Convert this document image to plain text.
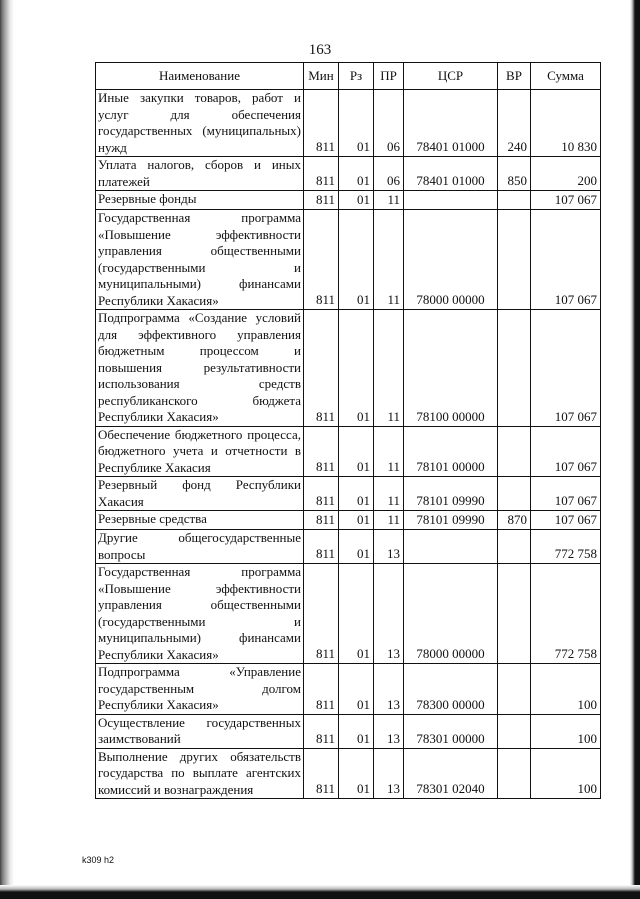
163
Наименование	Мин	Рз	ПР	ЦСР	ВР	Сумма
Иные закупки товаров, работ и услуг для обеспечения государственных (муниципальных) нужд	811	01	06	78401 01000	240	10 830
Уплата налогов, сборов и иных платежей	811	01	06	78401 01000	850	200
Резервные фонды	811	01	11			107 067
Государственная программа «Повышение эффективности управления общественными (государственными и муниципальными) финансами Республики Хакасия»	811	01	11	78000 00000		107 067
Подпрограмма «Создание условий для эффективного управления бюджетным процессом и повышения результативности использования средств республиканского бюджета Республики Хакасия»	811	01	11	78100 00000		107 067
Обеспечение бюджетного процесса, бюджетного учета и отчетности в Республике Хакасия	811	01	11	78101 00000		107 067
Резервный фонд Республики Хакасия	811	01	11	78101 09990		107 067
Резервные средства	811	01	11	78101 09990	870	107 067
Другие общегосударственные вопросы	811	01	13			772 758
Государственная программа «Повышение эффективности управления общественными (государственными и муниципальными) финансами Республики Хакасия»	811	01	13	78000 00000		772 758
Подпрограмма «Управление государственным долгом Республики Хакасия»	811	01	13	78300 00000		100
Осуществление государственных заимствований	811	01	13	78301 00000		100
Выполнение других обязательств государства по выплате агентских комиссий и вознаграждения	811	01	13	78301 02040		100
k309 h2
